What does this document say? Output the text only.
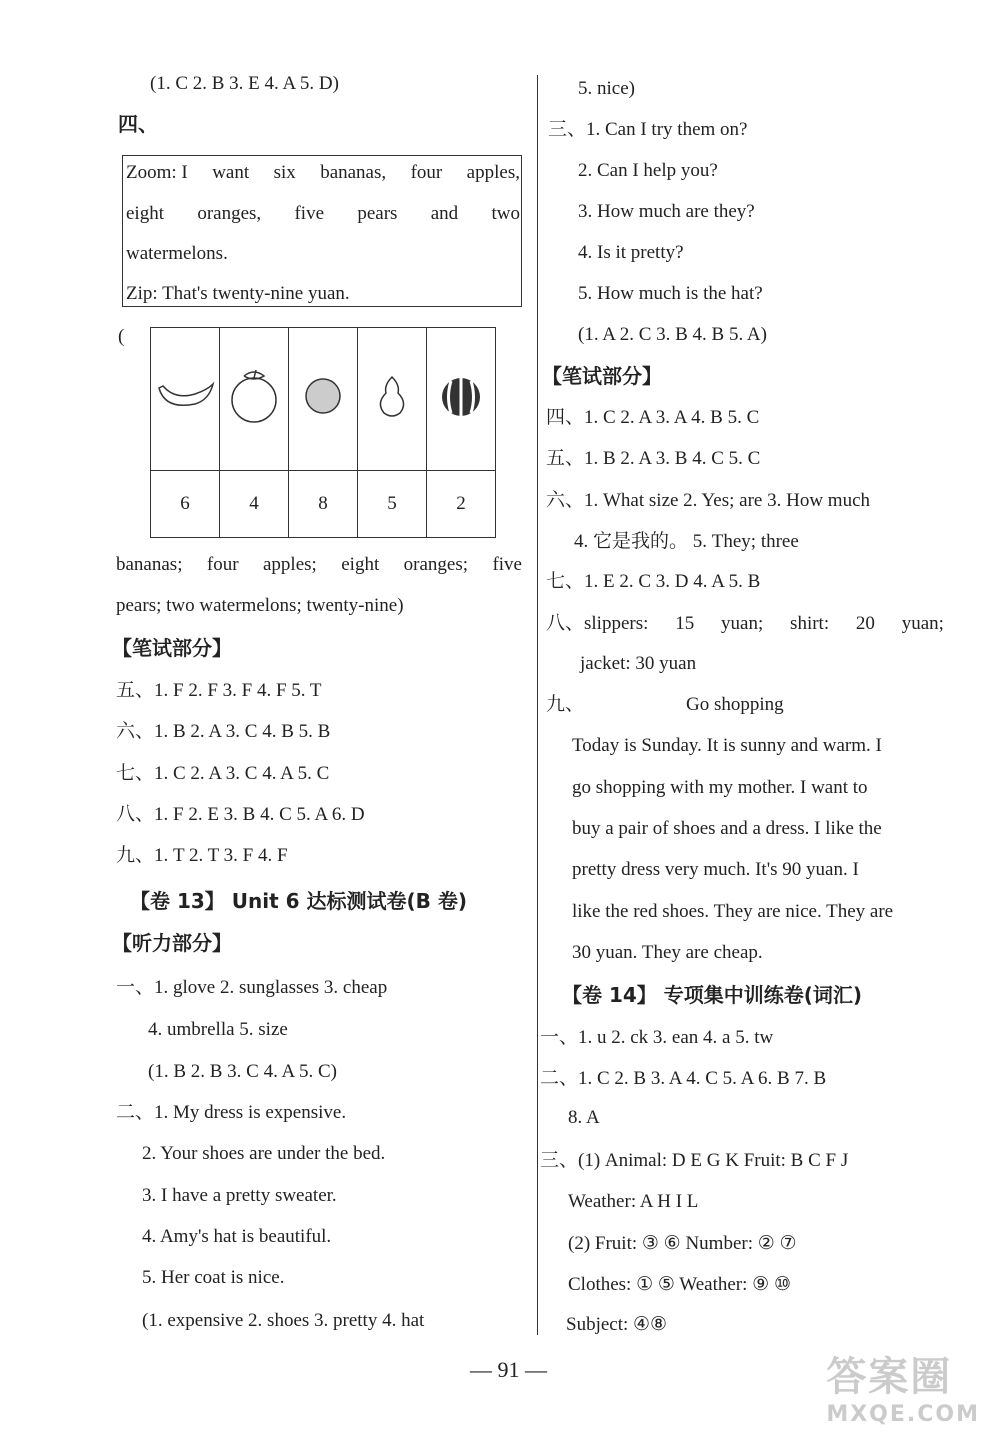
(1. C 2. B 3. E 4. A 5. D)
四、
Zoom: I want six bananas, four apples,
eight oranges, five pears and two
watermelons.
Zip: That's twenty-nine yuan.
(

6	4	8	5	2
bananas; four apples; eight oranges; five
pears; two watermelons; twenty-nine)
【笔试部分】
五、1. F 2. F 3. F 4. F 5. T
六、1. B 2. A 3. C 4. B 5. B
七、1. C 2. A 3. C 4. A 5. C
八、1. F 2. E 3. B 4. C 5. A 6. D
九、1. T 2. T 3. F 4. F
【卷 13】 Unit 6 达标测试卷(B 卷)
【听力部分】
一、1. glove 2. sunglasses 3. cheap
4. umbrella 5. size
(1. B 2. B 3. C 4. A 5. C)
二、1. My dress is expensive.
2. Your shoes are under the bed.
3. I have a pretty sweater.
4. Amy's hat is beautiful.
5. Her coat is nice.
(1. expensive 2. shoes 3. pretty 4. hat
5. nice)
三、1. Can I try them on?
2. Can I help you?
3. How much are they?
4. Is it pretty?
5. How much is the hat?
(1. A 2. C 3. B 4. B 5. A)
【笔试部分】
四、1. C 2. A 3. A 4. B 5. C
五、1. B 2. A 3. B 4. C 5. C
六、1. What size 2. Yes; are 3. How much
4. 它是我的。 5. They; three
七、1. E 2. C 3. D 4. A 5. B
八、slippers: 15 yuan; shirt: 20 yuan;
jacket: 30 yuan
九、	Go shopping
Today is Sunday. It is sunny and warm. I
go shopping with my mother. I want to
buy a pair of shoes and a dress. I like the
pretty dress very much. It's 90 yuan. I
like the red shoes. They are nice. They are
30 yuan. They are cheap.
【卷 14】 专项集中训练卷(词汇)
一、1. u 2. ck 3. ean 4. a 5. tw
二、1. C 2. B 3. A 4. C 5. A 6. B 7. B
8. A
三、(1) Animal: D E G K Fruit: B C F J
Weather: A H I L
(2) Fruit: ③ ⑥ Number: ② ⑦
Clothes: ① ⑤ Weather: ⑨ ⑩
Subject: ④⑧
— 91 —	答案圈
MXQE.COM
